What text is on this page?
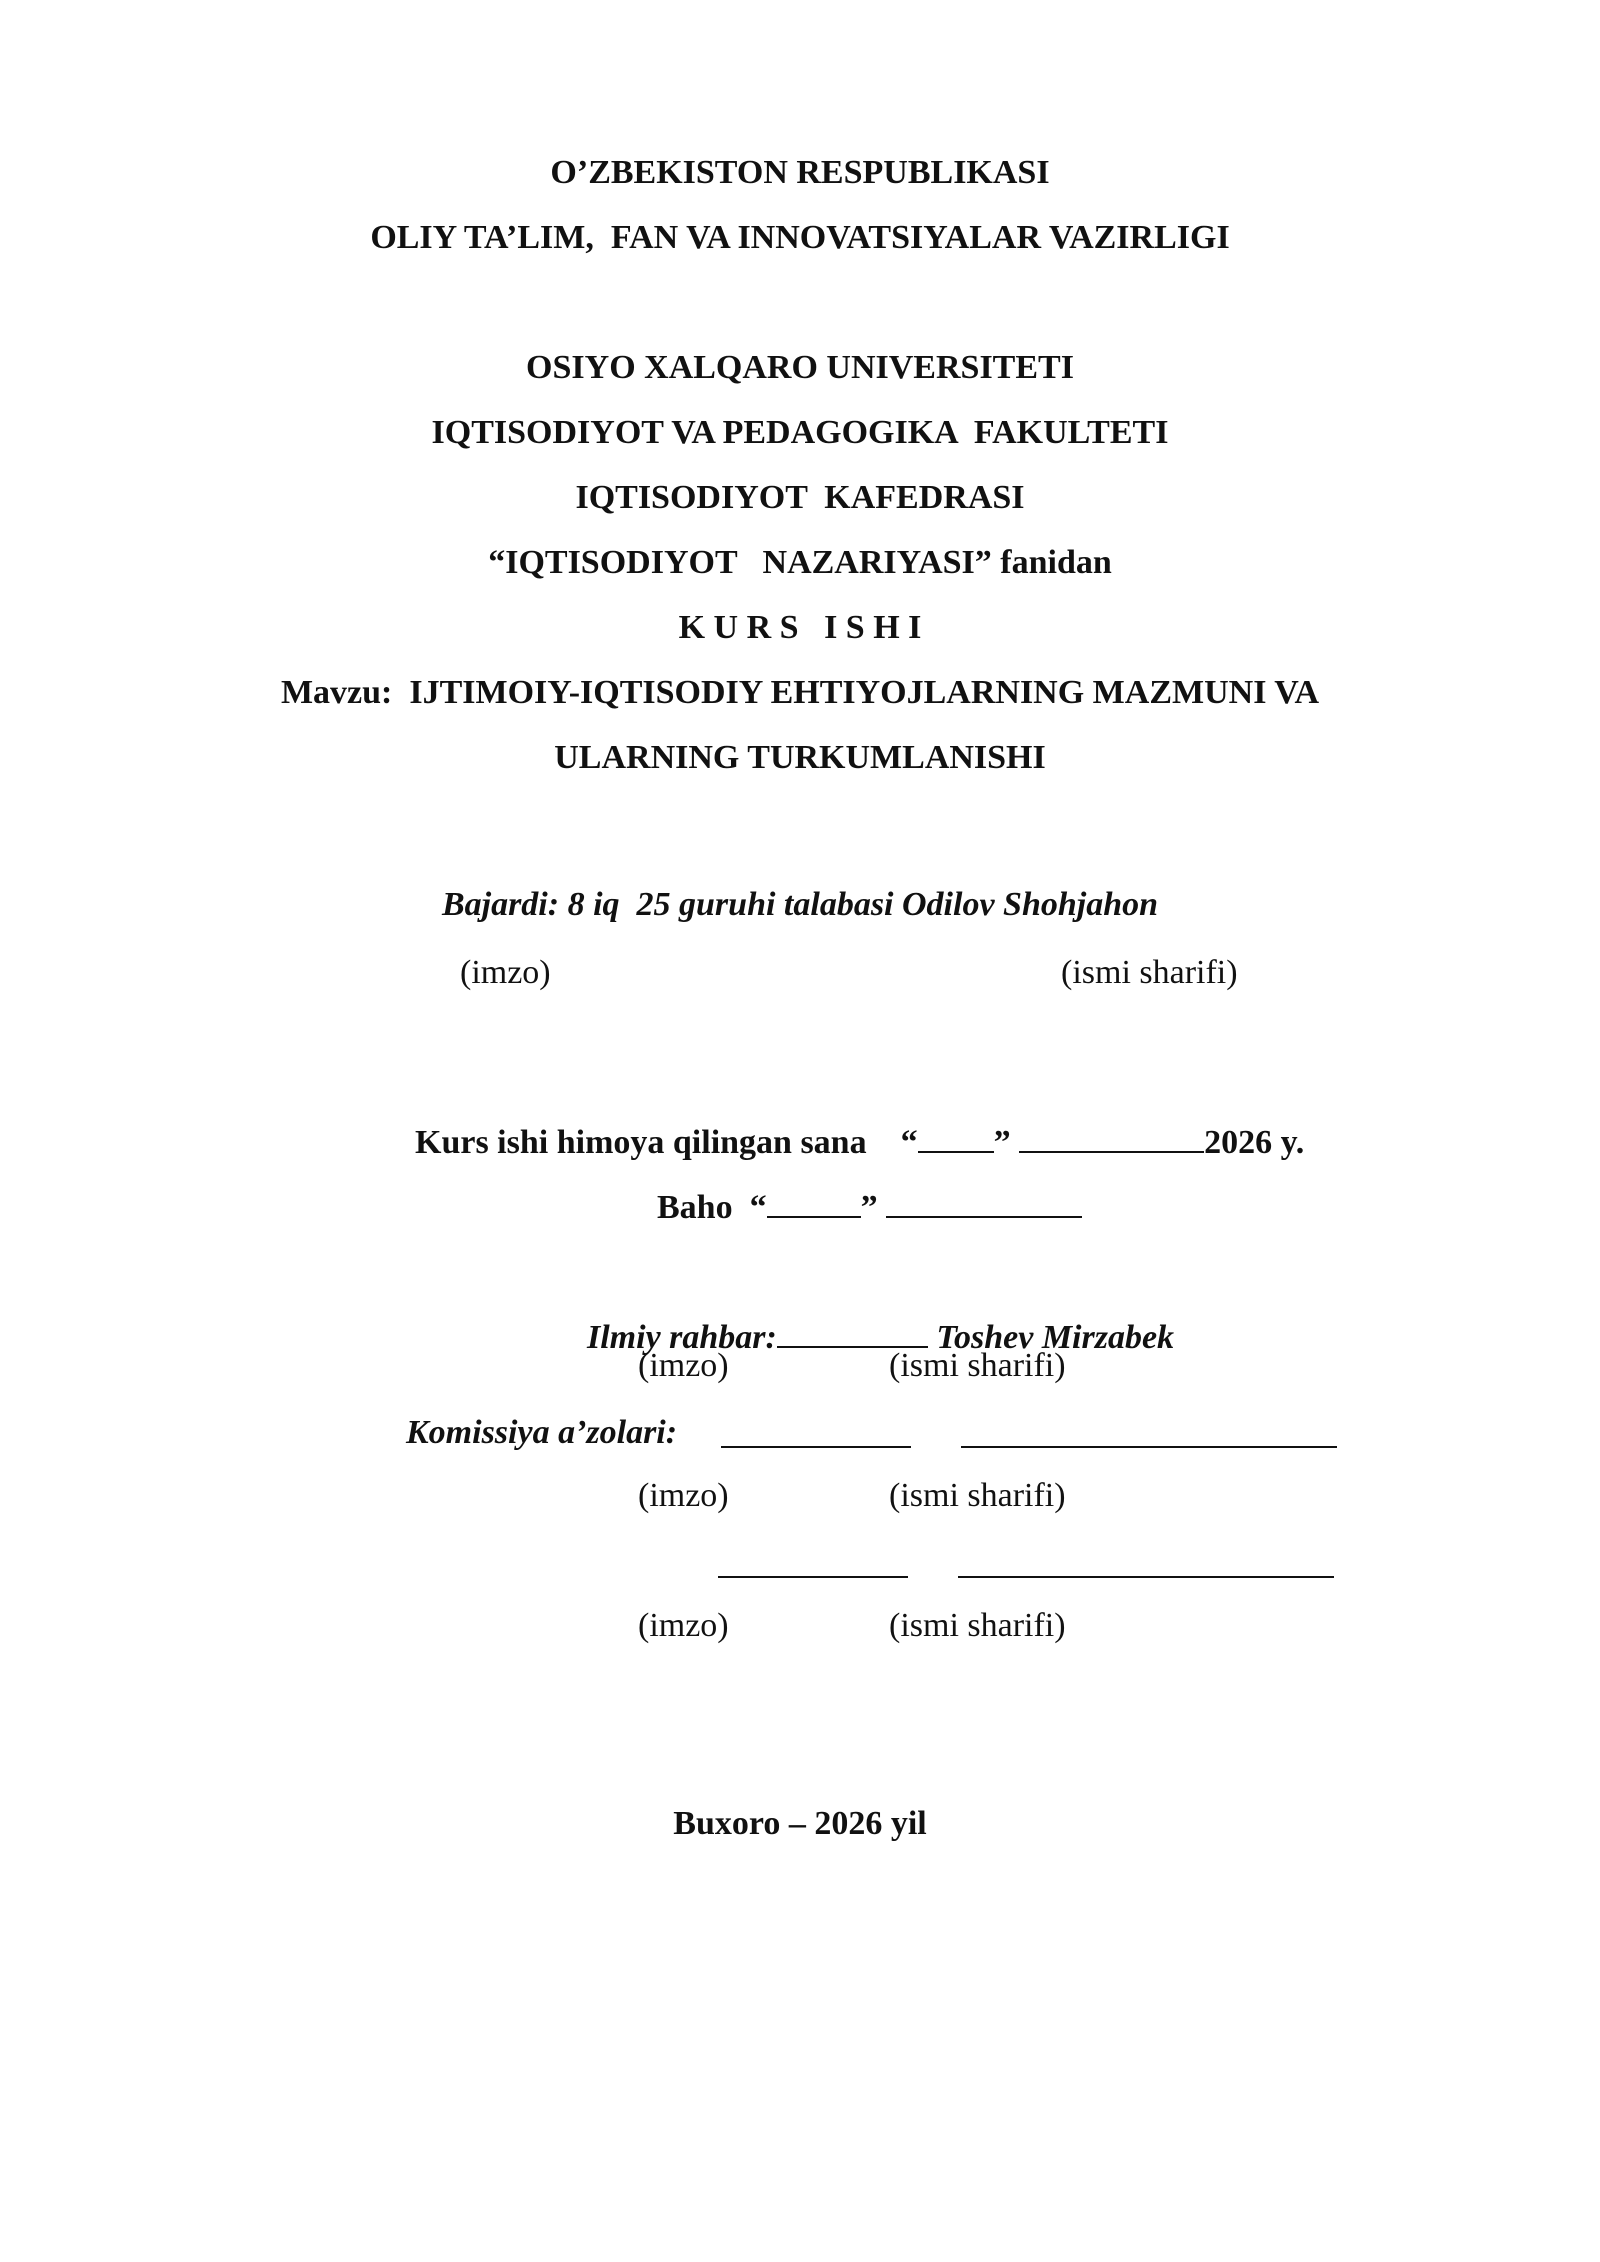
O’ZBEKISTON RESPUBLIKASI
OLIY TA’LIM,  FAN VA INNOVATSIYALAR VAZIRLIGI
OSIYO XALQARO UNIVERSITETI
IQTISODIYOT VA PEDAGOGIKA  FAKULTETI
IQTISODIYOT  KAFEDRASI
“IQTISODIYOT   NAZARIYASI” fanidan
K U R S   I S H I
Mavzu:  IJTIMOIY-IQTISODIY EHTIYOJLARNING MAZMUNI VA
ULARNING TURKUMLANISHI
Bajardi: 8 iq  25 guruhi talabasi Odilov Shohjahon
(imzo)	(ismi sharifi)

Kurs ishi himoya qilingan sana “ ”	2026 y.

Baho “	”

Ilmiy rahbar:	Toshev Mirzabek

(imzo)	(ismi sharifi)
Komissiya a’zolari:
(imzo)	(ismi sharifi)
(imzo)	(ismi sharifi)
Buxoro – 2026 yil
